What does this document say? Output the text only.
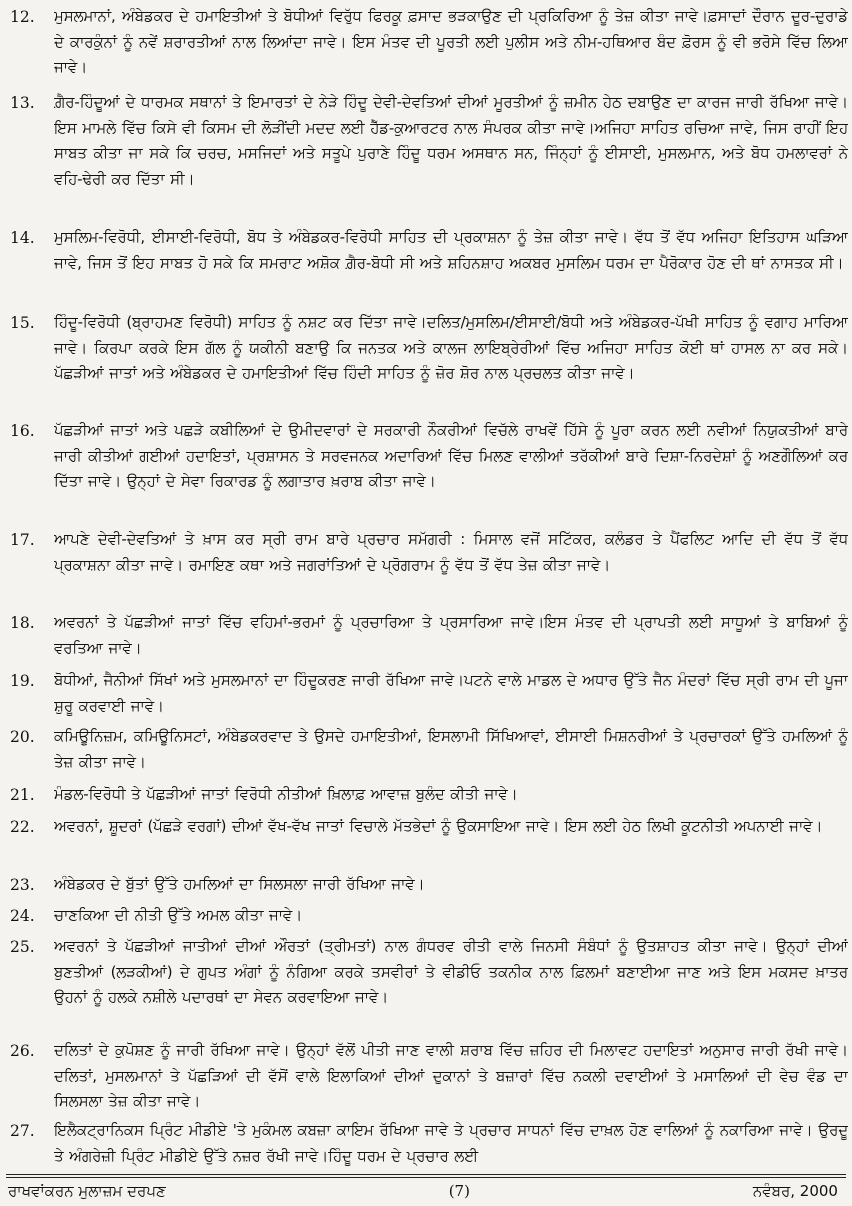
12.	ਮੁਸਲਮਾਨਾਂ, ਅੰਬੇਡਕਰ ਦੇ ਹਮਾਇਤੀਆਂ ਤੇ ਬੋਧੀਆਂ ਵਿਰੁੱਧ ਫਿਰਕੂ ਫ਼ਸਾਦ ਭੜਕਾਉਣ ਦੀ ਪ੍ਰਕਿਰਿਆ ਨੂੰ ਤੇਜ਼ ਕੀਤਾ ਜਾਵੇ।ਫ਼ਸਾਦਾਂ ਦੌਰਾਨ ਦੂਰ-ਦੁਰਾਡੇ ਦੇ ਕਾਰਕੁੰਨਾਂ ਨੂੰ ਨਵੇਂ ਸ਼ਰਾਰਤੀਆਂ ਨਾਲ ਲਿਆਂਦਾ ਜਾਵੇ। ਇਸ ਮੰਤਵ ਦੀ ਪੂਰਤੀ ਲਈ ਪੁਲੀਸ ਅਤੇ ਨੀਮ-ਹਥਿਆਰ ਬੰਦ ਫ਼ੋਰਸ ਨੂੰ ਵੀ ਭਰੋਸੇ ਵਿੱਚ ਲਿਆ ਜਾਵੇ।
13.	ਗ਼ੈਰ-ਹਿੰਦੂਆਂ ਦੇ ਧਾਰਮਕ ਸਥਾਨਾਂ ਤੇ ਇਮਾਰਤਾਂ ਦੇ ਨੇੜੇ ਹਿੰਦੂ ਦੇਵੀ-ਦੇਵਤਿਆਂ ਦੀਆਂ ਮੂਰਤੀਆਂ ਨੂੰ ਜ਼ਮੀਨ ਹੇਠ ਦਬਾਉਣ ਦਾ ਕਾਰਜ ਜਾਰੀ ਰੱਖਿਆ ਜਾਵੇ।ਇਸ ਮਾਮਲੇ ਵਿੱਚ ਕਿਸੇ ਵੀ ਕਿਸਮ ਦੀ ਲੋੜੀਂਦੀ ਮਦਦ ਲਈ ਹੈੱਡ-ਕੁਆਰਟਰ ਨਾਲ ਸੰਪਰਕ ਕੀਤਾ ਜਾਵੇ।ਅਜਿਹਾ ਸਾਹਿਤ ਰਚਿਆ ਜਾਵੇ, ਜਿਸ ਰਾਹੀਂ ਇਹ ਸਾਬਤ ਕੀਤਾ ਜਾ ਸਕੇ ਕਿ ਚਰਚ, ਮਸਜਿਦਾਂ ਅਤੇ ਸਤੂਪੇ ਪੁਰਾਣੇ ਹਿੰਦੂ ਧਰਮ ਅਸਥਾਨ ਸਨ, ਜਿੰਨ੍ਹਾਂ ਨੂੰ ਈਸਾਈ, ਮੁਸਲਮਾਨ, ਅਤੇ ਬੋਧ ਹਮਲਾਵਰਾਂ ਨੇ ਵਹਿ-ਢੇਰੀ ਕਰ ਦਿੱਤਾ ਸੀ।
14.	ਮੁਸਲਿਮ-ਵਿਰੋਧੀ, ਈਸਾਈ-ਵਿਰੋਧੀ, ਬੋਧ ਤੇ ਅੰਬੇਡਕਰ-ਵਿਰੋਧੀ ਸਾਹਿਤ ਦੀ ਪ੍ਰਕਾਸ਼ਨਾ ਨੂੰ ਤੇਜ਼ ਕੀਤਾ ਜਾਵੇ। ਵੱਧ ਤੋਂ ਵੱਧ ਅਜਿਹਾ ਇਤਿਹਾਸ ਘੜਿਆ ਜਾਵੇ, ਜਿਸ ਤੋਂ ਇਹ ਸਾਬਤ ਹੋ ਸਕੇ ਕਿ ਸਮਰਾਟ ਅਸ਼ੋਕ ਗ਼ੈਰ-ਬੋਧੀ ਸੀ ਅਤੇ ਸ਼ਹਿਨਸ਼ਾਹ ਅਕਬਰ ਮੁਸਲਿਮ ਧਰਮ ਦਾ ਪੈਰੋਕਾਰ ਹੋਣ ਦੀ ਥਾਂ ਨਾਸਤਕ ਸੀ।
15.	ਹਿੰਦੂ-ਵਿਰੋਧੀ (ਬ੍ਰਾਹਮਣ ਵਿਰੋਧੀ) ਸਾਹਿਤ ਨੂੰ ਨਸ਼ਟ ਕਰ ਦਿੱਤਾ ਜਾਵੇ।ਦਲਿਤ/ਮੁਸਲਿਮ/ਈਸਾਈ/ਬੋਧੀ ਅਤੇ ਅੰਬੇਡਕਰ-ਪੱਖੀ ਸਾਹਿਤ ਨੂੰ ਵਗਾਹ ਮਾਰਿਆ ਜਾਵੇ। ਕਿਰਪਾ ਕਰਕੇ ਇਸ ਗੱਲ ਨੂੰ ਯਕੀਨੀ ਬਣਾਉ ਕਿ ਜਨਤਕ ਅਤੇ ਕਾਲਜ ਲਾਇਬ੍ਰੇਰੀਆਂ ਵਿੱਚ ਅਜਿਹਾ ਸਾਹਿਤ ਕੋਈ ਥਾਂ ਹਾਸਲ ਨਾ ਕਰ ਸਕੇ। ਪੱਛੜੀਆਂ ਜਾਤਾਂ ਅਤੇ ਅੰਬੇਡਕਰ ਦੇ ਹਮਾਇਤੀਆਂ ਵਿੱਚ ਹਿੰਦੀ ਸਾਹਿਤ ਨੂੰ ਜ਼ੋਰ ਸ਼ੋਰ ਨਾਲ ਪ੍ਰਚਲਤ ਕੀਤਾ ਜਾਵੇ।
16.	ਪੱਛੜੀਆਂ ਜਾਤਾਂ ਅਤੇ ਪਛੜੇ ਕਬੀਲਿਆਂ ਦੇ ਉਮੀਦਵਾਰਾਂ ਦੇ ਸਰਕਾਰੀ ਨੌਕਰੀਆਂ ਵਿਚੱਲੇ ਰਾਖਵੇਂ ਹਿੱਸੇ ਨੂੰ ਪੂਰਾ ਕਰਨ ਲਈ ਨਵੀਆਂ ਨਿਯੁਕਤੀਆਂ ਬਾਰੇ ਜਾਰੀ ਕੀਤੀਆਂ ਗਈਆਂ ਹਦਾਇਤਾਂ, ਪ੍ਰਸ਼ਾਸਨ ਤੇ ਸਰਵਜਨਕ ਅਦਾਰਿਆਂ ਵਿੱਚ ਮਿਲਣ ਵਾਲੀਆਂ ਤਰੱਕੀਆਂ ਬਾਰੇ ਦਿਸ਼ਾ-ਨਿਰਦੇਸ਼ਾਂ ਨੂੰ ਅਣਗੌਲਿਆਂ ਕਰ ਦਿੱਤਾ ਜਾਵੇ। ਉਨ੍ਹਾਂ ਦੇ ਸੇਵਾ ਰਿਕਾਰਡ ਨੂੰ ਲਗਾਤਾਰ ਖ਼ਰਾਬ ਕੀਤਾ ਜਾਵੇ।
17.	ਆਪਣੇ ਦੇਵੀ-ਦੇਵਤਿਆਂ ਤੇ ਖ਼ਾਸ ਕਰ ਸ੍ਰੀ ਰਾਮ ਬਾਰੇ ਪ੍ਰਚਾਰ ਸਮੱਗਰੀ : ਮਿਸਾਲ ਵਜੋਂ ਸਟਿੱਕਰ, ਕਲੰਡਰ ਤੇ ਪੈਂਫਲਿਟ ਆਦਿ ਦੀ ਵੱਧ ਤੋਂ ਵੱਧ ਪ੍ਰਕਾਸ਼ਨਾ ਕੀਤਾ ਜਾਵੇ। ਰਮਾਇਣ ਕਥਾ ਅਤੇ ਜਗਰਾਂਤਿਆਂ ਦੇ ਪ੍ਰੋਗਰਾਮ ਨੂੰ ਵੱਧ ਤੋਂ ਵੱਧ ਤੇਜ਼ ਕੀਤਾ ਜਾਵੇ।
18.	ਅਵਰਨਾਂ ਤੇ ਪੱਛੜੀਆਂ ਜਾਤਾਂ ਵਿੱਚ ਵਹਿਮਾਂ-ਭਰਮਾਂ ਨੂੰ ਪ੍ਰਚਾਰਿਆ ਤੇ ਪ੍ਰਸਾਰਿਆ ਜਾਵੇ।ਇਸ ਮੰਤਵ ਦੀ ਪ੍ਰਾਪਤੀ ਲਈ ਸਾਧੂਆਂ ਤੇ ਬਾਬਿਆਂ ਨੂੰ ਵਰਤਿਆ ਜਾਵੇ।
19.	ਬੋਧੀਆਂ, ਜੈਨੀਆਂ ਸਿੱਖਾਂ ਅਤੇ ਮੁਸਲਮਾਨਾਂ ਦਾ ਹਿੰਦੂਕਰਣ ਜਾਰੀ ਰੱਖਿਆ ਜਾਵੇ।ਪਟਨੇ ਵਾਲੇ ਮਾਡਲ ਦੇ ਅਧਾਰ ਉੱਤੇ ਜੈਨ ਮੰਦਰਾਂ ਵਿੱਚ ਸ੍ਰੀ ਰਾਮ ਦੀ ਪੂਜਾ ਸ਼ੁਰੂ ਕਰਵਾਈ ਜਾਵੇ।
20.	ਕਮਿਊਨਿਜ਼ਮ, ਕਮਿਊਨਿਸਟਾਂ, ਅੰਬੇਡਕਰਵਾਦ ਤੇ ਉਸਦੇ ਹਮਾਇਤੀਆਂ, ਇਸਲਾਮੀ ਸਿੱਖਿਆਵਾਂ, ਈਸਾਈ ਮਿਸ਼ਨਰੀਆਂ ਤੇ ਪ੍ਰਚਾਰਕਾਂ ਉੱਤੇ ਹਮਲਿਆਂ ਨੂੰ ਤੇਜ਼ ਕੀਤਾ ਜਾਵੇ।
21.	ਮੰਡਲ-ਵਿਰੋਧੀ ਤੇ ਪੱਛੜੀਆਂ ਜਾਤਾਂ ਵਿਰੋਧੀ ਨੀਤੀਆਂ ਖ਼ਿਲਾਫ਼ ਆਵਾਜ਼ ਬੁਲੰਦ ਕੀਤੀ ਜਾਵੇ।
22.	ਅਵਰਨਾਂ, ਸ਼ੂਦਰਾਂ (ਪੱਛੜੇ ਵਰਗਾਂ) ਦੀਆਂ ਵੱਖ-ਵੱਖ ਜਾਤਾਂ ਵਿਚਾਲੇ ਮੱਤਭੇਦਾਂ ਨੂੰ ਉਕਸਾਇਆ ਜਾਵੇ। ਇਸ ਲਈ ਹੇਠ ਲਿਖੀ ਕੂਟਨੀਤੀ ਅਪਨਾਈ ਜਾਵੇ।
23.	ਅੰਬੇਡਕਰ ਦੇ ਬੁੱਤਾਂ ਉੱਤੇ ਹਮਲਿਆਂ ਦਾ ਸਿਲਸਲਾ ਜਾਰੀ ਰੱਖਿਆ ਜਾਵੇ।
24.	ਚਾਣਕਿਆ ਦੀ ਨੀਤੀ ਉੱਤੇ ਅਮਲ ਕੀਤਾ ਜਾਵੇ।
25.	ਅਵਰਨਾਂ ਤੇ ਪੱਛੜੀਆਂ ਜਾਤੀਆਂ ਦੀਆਂ ਔਰਤਾਂ (ਤ੍ਰੀਮਤਾਂ) ਨਾਲ ਗੰਧਰਵ ਰੀਤੀ ਵਾਲੇ ਜਿਨਸੀ ਸੰਬੰਧਾਂ ਨੂੰ ਉਤਸ਼ਾਹਤ ਕੀਤਾ ਜਾਵੇ। ਉਨ੍ਹਾਂ ਦੀਆਂ ਬੁਣਤੀਆਂ (ਲੜਕੀਆਂ) ਦੇ ਗੁਪਤ ਅੰਗਾਂ ਨੂੰ ਨੰਗਿਆ ਕਰਕੇ ਤਸਵੀਰਾਂ ਤੇ ਵੀਡੀਓ ਤਕਨੀਕ ਨਾਲ ਫ਼ਿਲਮਾਂ ਬਣਾਈਆ ਜਾਣ ਅਤੇ ਇਸ ਮਕਸਦ ਖ਼ਾਤਰ ਉਹਨਾਂ ਨੂੰ ਹਲਕੇ ਨਸ਼ੀਲੇ ਪਦਾਰਥਾਂ ਦਾ ਸੇਵਨ ਕਰਵਾਇਆ ਜਾਵੇ।
26.	ਦਲਿਤਾਂ ਦੇ ਕੁਪੋਸ਼ਣ ਨੂੰ ਜਾਰੀ ਰੱਖਿਆ ਜਾਵੇ। ਉਨ੍ਹਾਂ ਵੱਲੋਂ ਪੀਤੀ ਜਾਣ ਵਾਲੀ ਸ਼ਰਾਬ ਵਿੱਚ ਜ਼ਹਿਰ ਦੀ ਮਿਲਾਵਟ ਹਦਾਇਤਾਂ ਅਨੁਸਾਰ ਜਾਰੀ ਰੱਖੀ ਜਾਵੇ।ਦਲਿਤਾਂ, ਮੁਸਲਮਾਨਾਂ ਤੇ ਪੱਛੜਿਆਂ ਦੀ ਵੱਸੋਂ ਵਾਲੇ ਇਲਾਕਿਆਂ ਦੀਆਂ ਦੁਕਾਨਾਂ ਤੇ ਬਜ਼ਾਰਾਂ ਵਿੱਚ ਨਕਲੀ ਦਵਾਈਆਂ ਤੇ ਮਸਾਲਿਆਂ ਦੀ ਵੇਚ ਵੰਡ ਦਾ ਸਿਲਸਲਾ ਤੇਜ਼ ਕੀਤਾ ਜਾਵੇ।
27.	ਇਲੈਕਟ੍ਰਾਨਿਕਸ ਪ੍ਰਿੰਟ ਮੀਡੀਏ 'ਤੇ ਮੁਕੰਮਲ ਕਬਜ਼ਾ ਕਾਇਮ ਰੱਖਿਆ ਜਾਵੇ ਤੇ ਪ੍ਰਚਾਰ ਸਾਧਨਾਂ ਵਿੱਚ ਦਾਖ਼ਲ ਹੋਣ ਵਾਲਿਆਂ ਨੂੰ ਨਕਾਰਿਆ ਜਾਵੇ। ਉਰਦੂ ਤੇ ਅੰਗਰੇਜ਼ੀ ਪ੍ਰਿੰਟ ਮੀਡੀਏ ਉੱਤੇ ਨਜ਼ਰ ਰੱਖੀ ਜਾਵੇ।ਹਿੰਦੂ ਧਰਮ ਦੇ ਪ੍ਰਚਾਰ ਲਈ
ਰਾਖਵਾਂਕਰਨ ਮੁਲਾਜ਼ਮ ਦਰਪਣ	(7)	ਨਵੰਬਰ, 2000
